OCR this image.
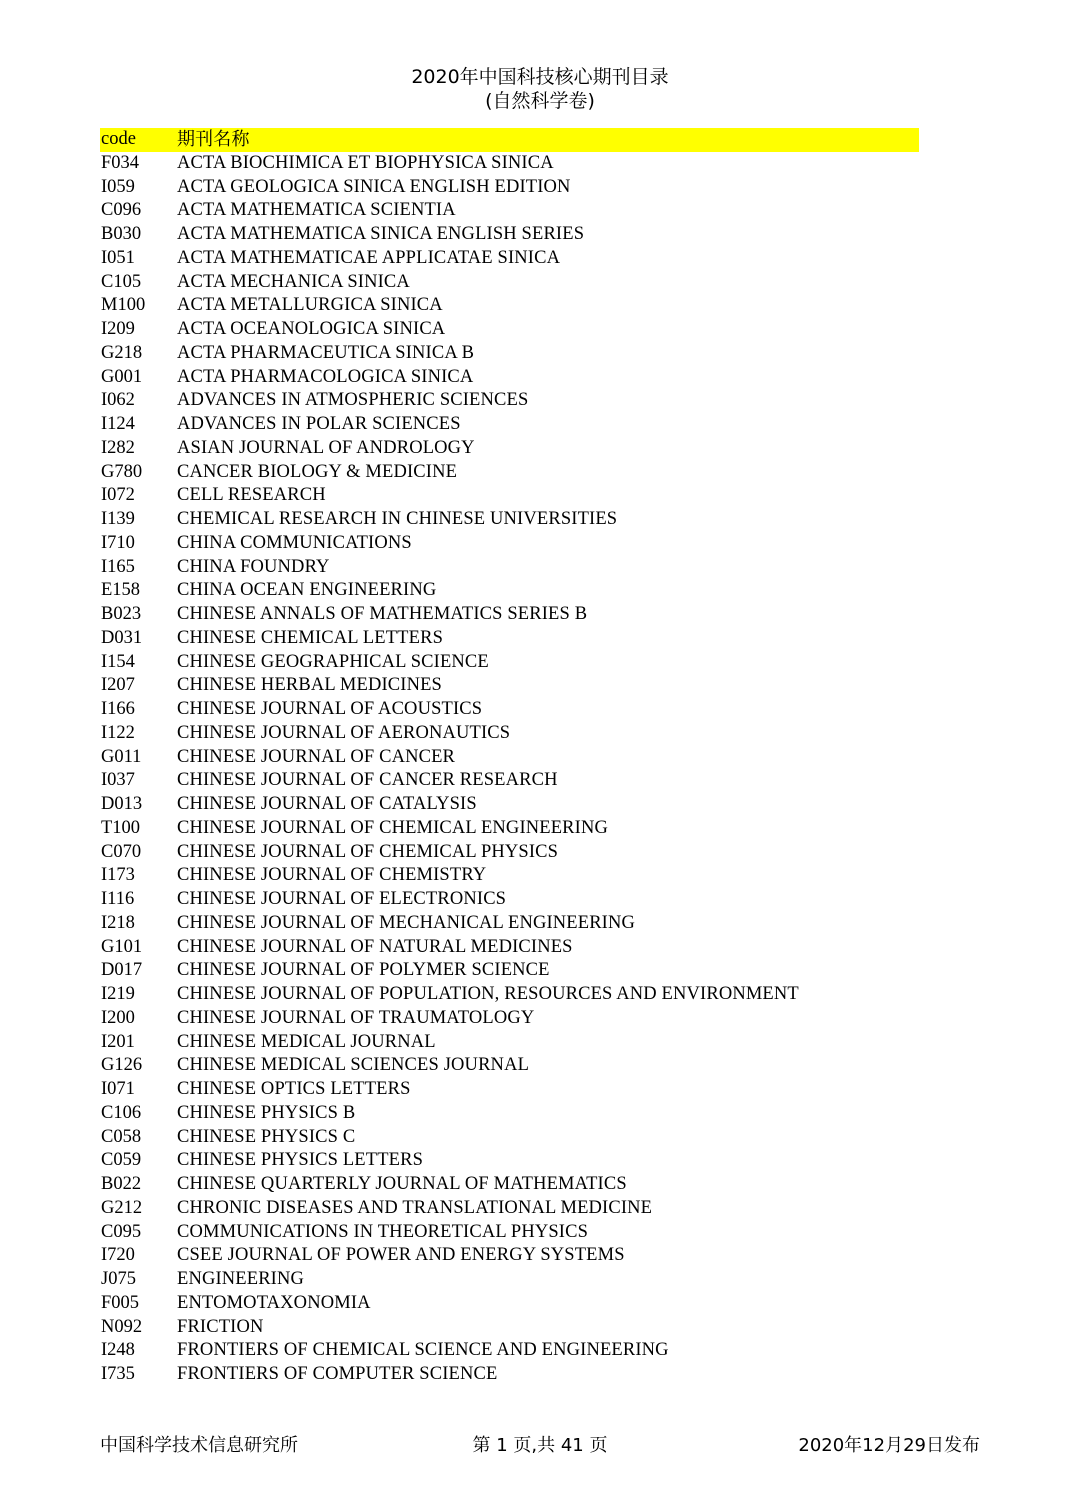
2020年中国科技核心期刊目录
(自然科学卷)
code	期刊名称
F034	ACTA BIOCHIMICA ET BIOPHYSICA SINICA
I059	ACTA GEOLOGICA SINICA ENGLISH EDITION
C096	ACTA MATHEMATICA SCIENTIA
B030	ACTA MATHEMATICA SINICA ENGLISH SERIES
I051	ACTA MATHEMATICAE APPLICATAE SINICA
C105	ACTA MECHANICA SINICA
M100	ACTA METALLURGICA SINICA
I209	ACTA OCEANOLOGICA SINICA
G218	ACTA PHARMACEUTICA SINICA B
G001	ACTA PHARMACOLOGICA SINICA
I062	ADVANCES IN ATMOSPHERIC SCIENCES
I124	ADVANCES IN POLAR SCIENCES
I282	ASIAN JOURNAL OF ANDROLOGY
G780	CANCER BIOLOGY & MEDICINE
I072	CELL RESEARCH
I139	CHEMICAL RESEARCH IN CHINESE UNIVERSITIES
I710	CHINA COMMUNICATIONS
I165	CHINA FOUNDRY
E158	CHINA OCEAN ENGINEERING
B023	CHINESE ANNALS OF MATHEMATICS SERIES B
D031	CHINESE CHEMICAL LETTERS
I154	CHINESE GEOGRAPHICAL SCIENCE
I207	CHINESE HERBAL MEDICINES
I166	CHINESE JOURNAL OF ACOUSTICS
I122	CHINESE JOURNAL OF AERONAUTICS
G011	CHINESE JOURNAL OF CANCER
I037	CHINESE JOURNAL OF CANCER RESEARCH
D013	CHINESE JOURNAL OF CATALYSIS
T100	CHINESE JOURNAL OF CHEMICAL ENGINEERING
C070	CHINESE JOURNAL OF CHEMICAL PHYSICS
I173	CHINESE JOURNAL OF CHEMISTRY
I116	CHINESE JOURNAL OF ELECTRONICS
I218	CHINESE JOURNAL OF MECHANICAL ENGINEERING
G101	CHINESE JOURNAL OF NATURAL MEDICINES
D017	CHINESE JOURNAL OF POLYMER SCIENCE
I219	CHINESE JOURNAL OF POPULATION, RESOURCES AND ENVIRONMENT
I200	CHINESE JOURNAL OF TRAUMATOLOGY
I201	CHINESE MEDICAL JOURNAL
G126	CHINESE MEDICAL SCIENCES JOURNAL
I071	CHINESE OPTICS LETTERS
C106	CHINESE PHYSICS B
C058	CHINESE PHYSICS C
C059	CHINESE PHYSICS LETTERS
B022	CHINESE QUARTERLY JOURNAL OF MATHEMATICS
G212	CHRONIC DISEASES AND TRANSLATIONAL MEDICINE
C095	COMMUNICATIONS IN THEORETICAL PHYSICS
I720	CSEE JOURNAL OF POWER AND ENERGY SYSTEMS
J075	ENGINEERING
F005	ENTOMOTAXONOMIA
N092	FRICTION
I248	FRONTIERS OF CHEMICAL SCIENCE AND ENGINEERING
I735	FRONTIERS OF COMPUTER SCIENCE
中国科学技术信息研究所	第 1 页,共 41 页	2020年12月29日发布
